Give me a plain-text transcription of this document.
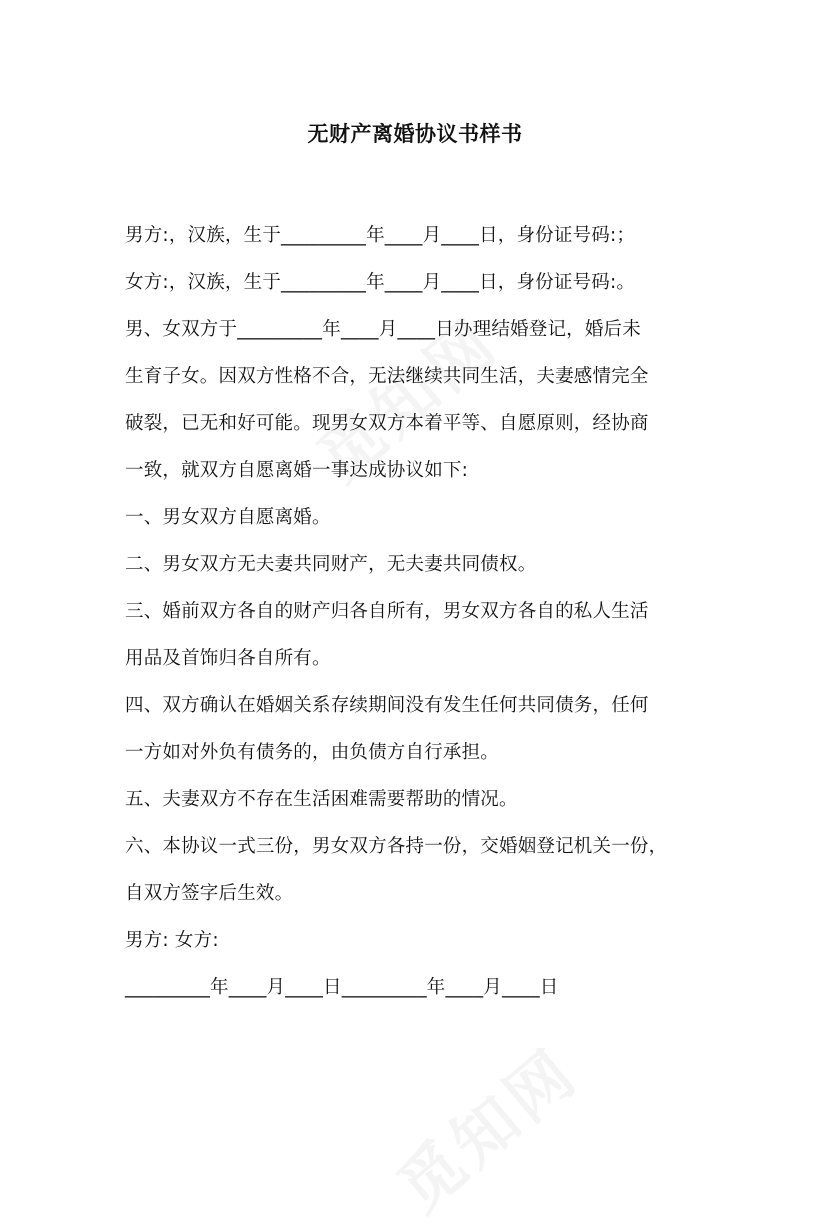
无财产离婚协议书样书
男方:，汉族，生于_________年____月____日，身份证号码:；
女方:，汉族，生于_________年____月____日，身份证号码:。
男、女双方于_________年____月____日办理结婚登记，婚后未
生育子女。因双方性格不合，无法继续共同生活，夫妻感情完全
破裂，已无和好可能。现男女双方本着平等、自愿原则，经协商
一致，就双方自愿离婚一事达成协议如下:
一、男女双方自愿离婚。
二、男女双方无夫妻共同财产，无夫妻共同债权。
三、婚前双方各自的财产归各自所有，男女双方各自的私人生活
用品及首饰归各自所有。
四、双方确认在婚姻关系存续期间没有发生任何共同债务，任何
一方如对外负有债务的，由负债方自行承担。
五、夫妻双方不存在生活困难需要帮助的情况。
六、本协议一式三份，男女双方各持一份，交婚姻登记机关一份，
自双方签字后生效。
男方: 女方:
_________年____月____日_________年____月____日
